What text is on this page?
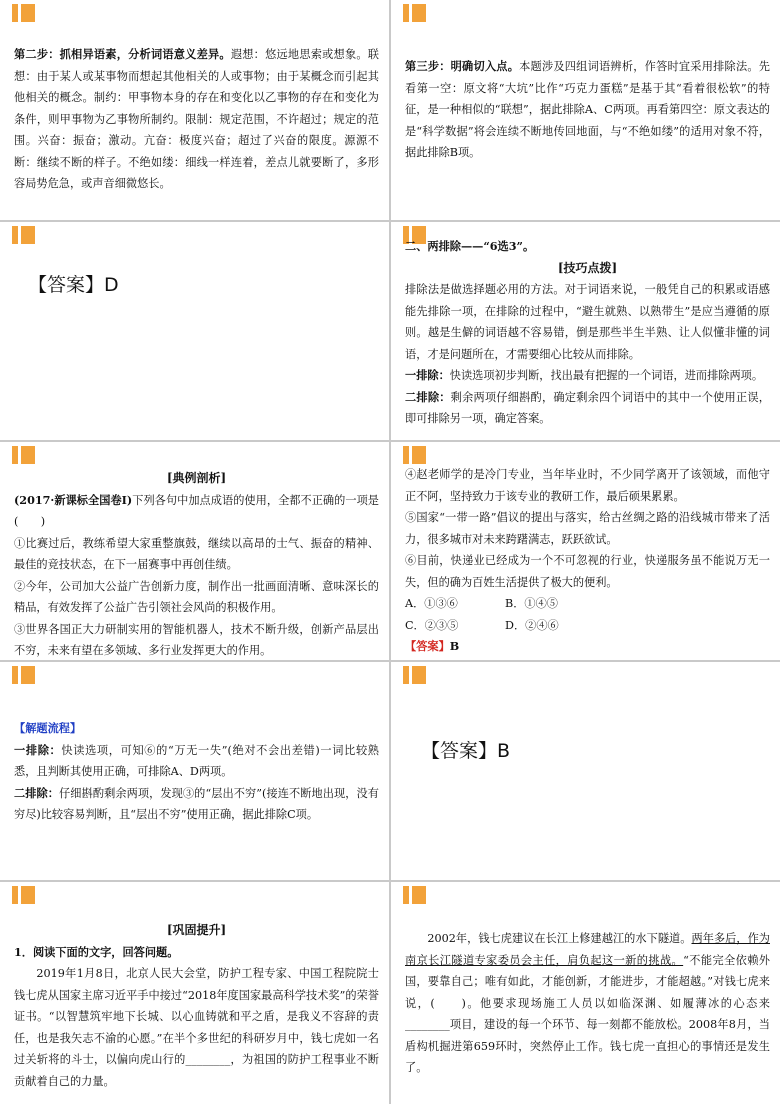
第二步：抓相异语素，分析词语意义差异。遐想：悠远地思索或想象。联想：由于某人或某事物而想起其他相关的人或事物；由于某概念而引起其他相关的概念。制约：甲事物本身的存在和变化以乙事物的存在和变化为条件，则甲事物为乙事物所制约。限制：规定范围，不许超过；规定的范围。兴奋：振奋；激动。亢奋：极度兴奋；超过了兴奋的限度。源源不断：继续不断的样子。不绝如缕：细线一样连着，差点儿就要断了，多形容局势危急，或声音细微悠长。

第三步：明确切入点。本题涉及四组词语辨析，作答时宜采用排除法。先看第一空：原文将“大坑”比作“巧克力蛋糕”是基于其“看着很松软”的特征，是一种相似的“联想”，据此排除A、C两项。再看第四空：原文表达的是“科学数据”将会连续不断地传回地面，与“不绝如缕”的适用对象不符，据此排除B项。

【答案】D

二、两排除——“6选3”。

[技巧点拨]

排除法是做选择题必用的方法。对于词语来说，一般凭自己的积累或语感能先排除一项，在排除的过程中，“避生就熟、以熟带生”是应当遵循的原则。越是生僻的词语越不容易错，倒是那些半生半熟、让人似懂非懂的词语，才是问题所在，才需要细心比较从而排除。

一排除：快读选项初步判断，找出最有把握的一个词语，进而排除两项。

二排除：剩余两项仔细斟酌，确定剩余四个词语中的其中一个使用正误，即可排除另一项，确定答案。

[典例剖析]

(2017·新课标全国卷Ⅰ)下列各句中加点成语的使用，全都不正确的一项是(　　)

①比赛过后，教练希望大家重整旗鼓，继续以高昂的士气、振奋的精神、最佳的竞技状态，在下一届赛事中再创佳绩。

②今年，公司加大公益广告创新力度，制作出一批画面清晰、意味深长的精品，有效发挥了公益广告引领社会风尚的积极作用。

③世界各国正大力研制实用的智能机器人，技术不断升级，创新产品层出不穷，未来有望在多领域、多行业发挥更大的作用。

④赵老师学的是冷门专业，当年毕业时，不少同学离开了该领域，而他守正不阿，坚持致力于该专业的教研工作，最后硕果累累。

⑤国家“一带一路”倡议的提出与落实，给古丝绸之路的沿线城市带来了活力，很多城市对未来跨躇满志，跃跃欲试。

⑥目前，快递业已经成为一个不可忽视的行业，快递服务虽不能说万无一失，但的确为百姓生活提供了极大的便利。

A．①③⑥	B．①④⑤
C．②③⑤	D．②④⑥

【答案】B

【解题流程】

一排除：快读选项，可知⑥的“万无一失”(绝对不会出差错)一词比较熟悉，且判断其使用正确，可排除A、D两项。

二排除：仔细斟酌剩余两项，发现③的“层出不穷”(接连不断地出现，没有穷尽)比较容易判断，且“层出不穷”使用正确，据此排除C项。

【答案】B

[巩固提升]

1．阅读下面的文字，回答问题。

2019年1月8日，北京人民大会堂，防护工程专家、中国工程院院士钱七虎从国家主席习近平手中接过“2018年度国家最高科学技术奖”的荣誉证书。“以智慧筑牢地下长城、以心血铸就和平之盾，是我义不容辞的责任，也是我矢志不渝的心愿。”在半个多世纪的科研岁月中，钱七虎如一名过关斩将的斗士，以偏向虎山行的________，为祖国的防护工程事业不断贡献着自己的力量。

2002年，钱七虎建议在长江上修建越江的水下隧道。两年多后，作为南京长江隧道专家委员会主任，肩负起这一新的挑战。“不能完全依赖外国，要靠自己；唯有如此，才能创新，才能进步，才能超越。”对钱七虎来说，(　　)。他要求现场施工人员以如临深渊、如履薄冰的心态来________项目，建设的每一个环节、每一刻都不能放松。2008年8月，当盾构机掘进第659环时，突然停止工作。钱七虎一直担心的事情还是发生了。
